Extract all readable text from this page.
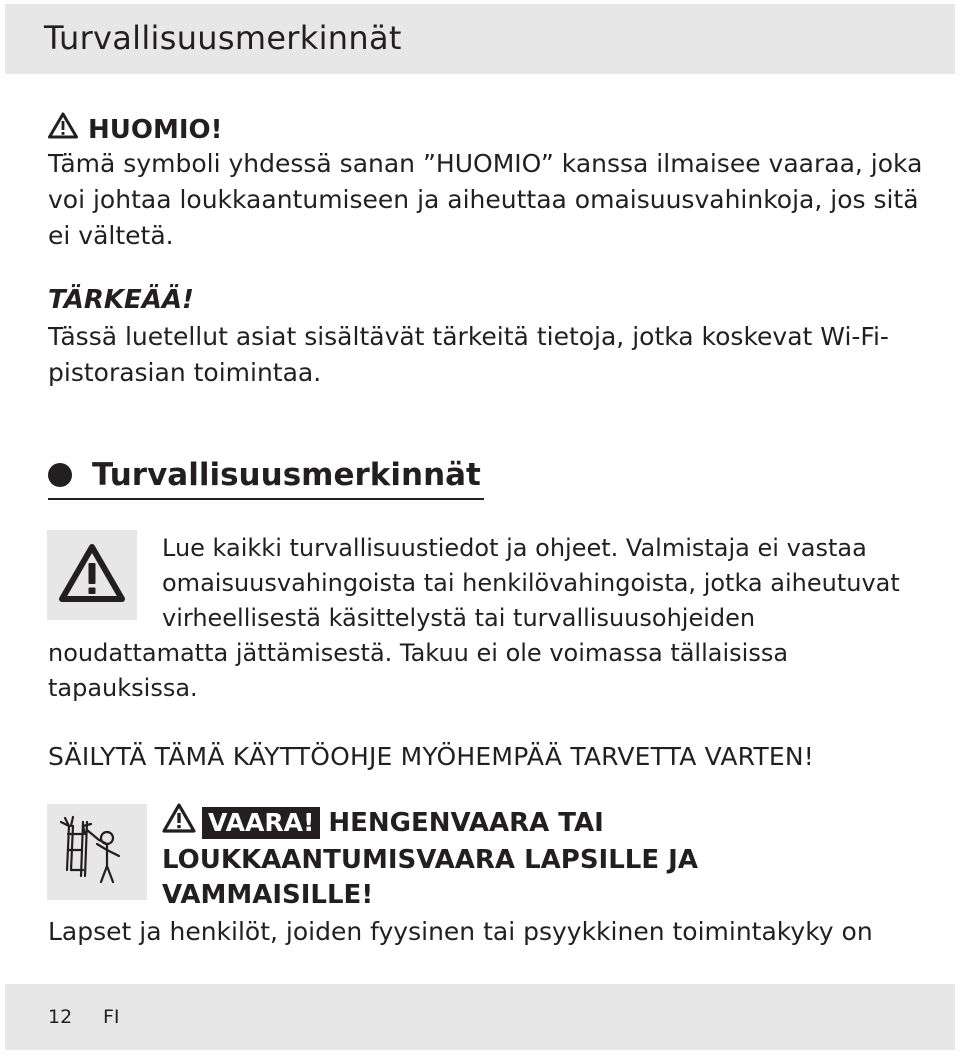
Turvallisuusmerkinnät
HUOMIO!
Tämä symboli yhdessä sanan ”HUOMIO” kanssa ilmaisee vaaraa, joka voi johtaa loukkaantumiseen ja aiheuttaa omaisuusvahinkoja, jos sitä ei vältetä.
TÄRKEÄÄ!
Tässä luetellut asiat sisältävät tärkeitä tietoja, jotka koskevat Wi-Fi-pistorasian toimintaa.
Turvallisuusmerkinnät
Lue kaikki turvallisuustiedot ja ohjeet. Valmistaja ei vastaa omaisuusvahingoista tai henkilövahingoista, jotka aiheutuvat virheellisestä käsittelystä tai turvallisuusohjeiden
noudattamatta jättämisestä. Takuu ei ole voimassa tällaisissa tapauksissa.
SÄILYTÄ TÄMÄ KÄYTTÖOHJE MYÖHEMPÄÄ TARVETTA VARTEN!
VAARA! HENGENVAARA TAI
LOUKKAANTUMISVAARA LAPSILLE JA
VAMMAISILLE!
Lapset ja henkilöt, joiden fyysinen tai psyykkinen toimintakyky on
12 FI
